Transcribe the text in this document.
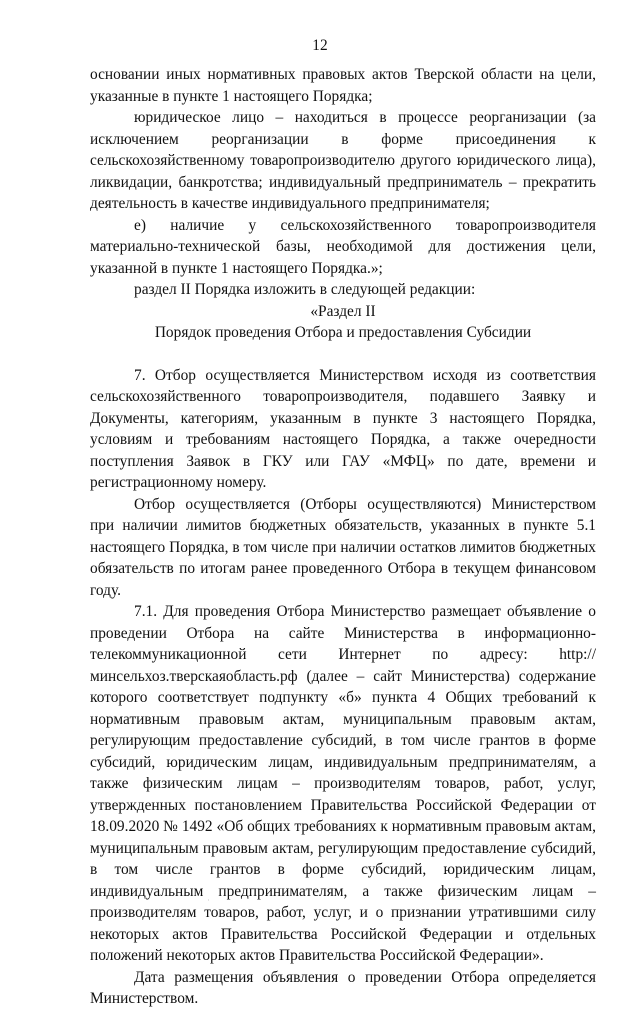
12

основании иных нормативных правовых актов Тверской области на цели, указанные в пункте 1 настоящего Порядка;

юридическое лицо – находиться в процессе реорганизации (за исключением реорганизации в форме присоединения к сельскохозяйственному товаропроизводителю другого юридического лица), ликвидации, банкротства; индивидуальный предприниматель – прекратить деятельность в качестве индивидуального предпринимателя;

е) наличие у сельскохозяйственного товаропроизводителя материально-технической базы, необходимой для достижения цели, указанной в пункте 1 настоящего Порядка.»;

раздел II Порядка изложить в следующей редакции:

«Раздел II

Порядок проведения Отбора и предоставления Субсидии

7. Отбор осуществляется Министерством исходя из соответствия сельскохозяйственного товаропроизводителя, подавшего Заявку и Документы, категориям, указанным в пункте 3 настоящего Порядка, условиям и требованиям настоящего Порядка, а также очередности поступления Заявок в ГКУ или ГАУ «МФЦ» по дате, времени и регистрационному номеру.

Отбор осуществляется (Отборы осуществляются) Министерством при наличии лимитов бюджетных обязательств, указанных в пункте 5.1 настоящего Порядка, в том числе при наличии остатков лимитов бюджетных обязательств по итогам ранее проведенного Отбора в текущем финансовом году.

7.1. Для проведения Отбора Министерство размещает объявление о проведении Отбора на сайте Министерства в информационно-телекоммуникационной сети Интернет по адресу: http://минсельхоз.тверскаяобласть.рф (далее – сайт Министерства) содержание которого соответствует подпункту «б» пункта 4 Общих требований к нормативным правовым актам, муниципальным правовым актам, регулирующим предоставление субсидий, в том числе грантов в форме субсидий, юридическим лицам, индивидуальным предпринимателям, а также физическим лицам – производителям товаров, работ, услуг, утвержденных постановлением Правительства Российской Федерации от 18.09.2020 № 1492 «Об общих требованиях к нормативным правовым актам, муниципальным правовым актам, регулирующим предоставление субсидий, в том числе грантов в форме субсидий, юридическим лицам, индивидуальным предпринимателям, а также физическим лицам – производителям товаров, работ, услуг, и о признании утратившими силу некоторых актов Правительства Российской Федерации и отдельных положений некоторых актов Правительства Российской Федерации».

Дата размещения объявления о проведении Отбора определяется Министерством.
